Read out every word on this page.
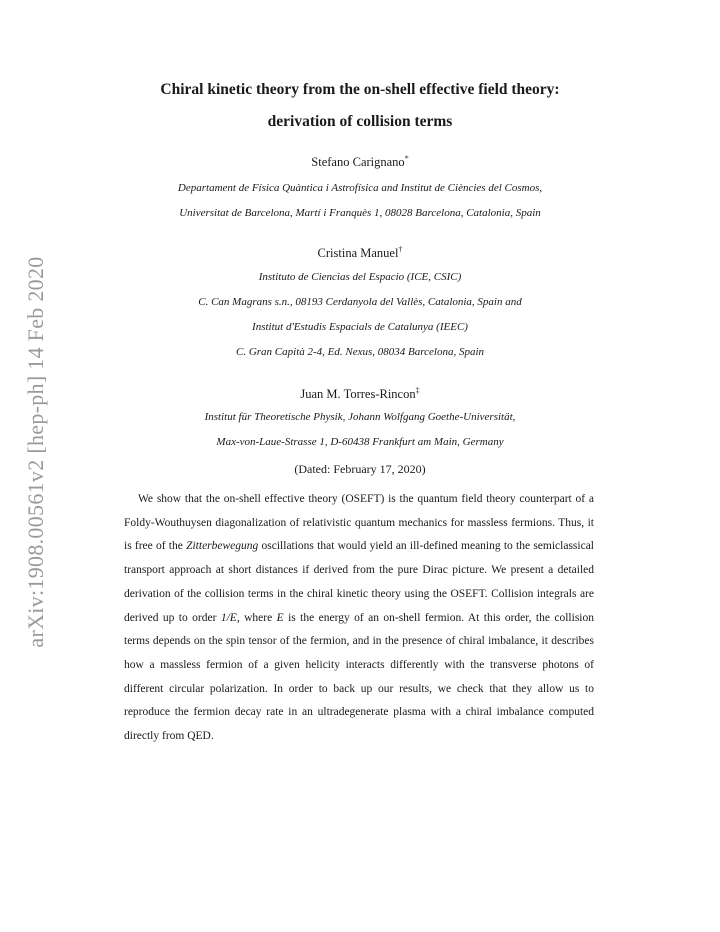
arXiv:1908.00561v2 [hep-ph] 14 Feb 2020
Chiral kinetic theory from the on-shell effective field theory:
derivation of collision terms
Stefano Carignano*
Departament de Física Quàntica i Astrofísica and Institut de Ciències del Cosmos,
Universitat de Barcelona, Martí i Franquès 1, 08028 Barcelona, Catalonia, Spain
Cristina Manuel†
Instituto de Ciencias del Espacio (ICE, CSIC)
C. Can Magrans s.n., 08193 Cerdanyola del Vallès, Catalonia, Spain and
Institut d'Estudis Espacials de Catalunya (IEEC)
C. Gran Capità 2-4, Ed. Nexus, 08034 Barcelona, Spain
Juan M. Torres-Rincon‡
Institut für Theoretische Physik, Johann Wolfgang Goethe-Universität,
Max-von-Laue-Strasse 1, D-60438 Frankfurt am Main, Germany
(Dated: February 17, 2020)
We show that the on-shell effective theory (OSEFT) is the quantum field theory counterpart of a Foldy-Wouthuysen diagonalization of relativistic quantum mechanics for massless fermions. Thus, it is free of the Zitterbewegung oscillations that would yield an ill-defined meaning to the semiclassical transport approach at short distances if derived from the pure Dirac picture. We present a detailed derivation of the collision terms in the chiral kinetic theory using the OSEFT. Collision integrals are derived up to order 1/E, where E is the energy of an on-shell fermion. At this order, the collision terms depends on the spin tensor of the fermion, and in the presence of chiral imbalance, it describes how a massless fermion of a given helicity interacts differently with the transverse photons of different circular polarization. In order to back up our results, we check that they allow us to reproduce the fermion decay rate in an ultradegenerate plasma with a chiral imbalance computed directly from QED.
